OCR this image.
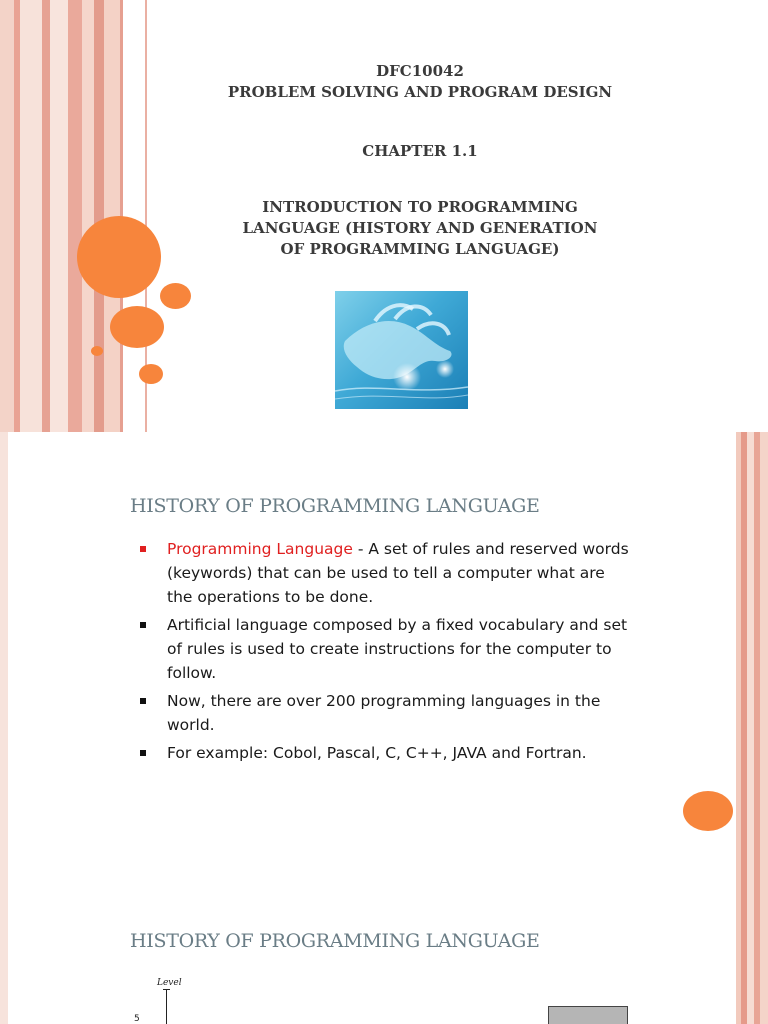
DFC10042
PROBLEM SOLVING AND PROGRAM DESIGN
CHAPTER 1.1
INTRODUCTION TO PROGRAMMING
LANGUAGE (HISTORY AND GENERATION
OF PROGRAMMING LANGUAGE)
HISTORY OF PROGRAMMING LANGUAGE
Programming Language - A set of rules and reserved words (keywords) that can be used to tell a computer what are the operations to be done.
Artificial language composed by a fixed vocabulary and set of rules is used to create instructions for the computer to follow.
Now, there are over 200 programming languages in the world.
For example: Cobol, Pascal, C, C++, JAVA and Fortran.
HISTORY OF PROGRAMMING LANGUAGE
Level
5
